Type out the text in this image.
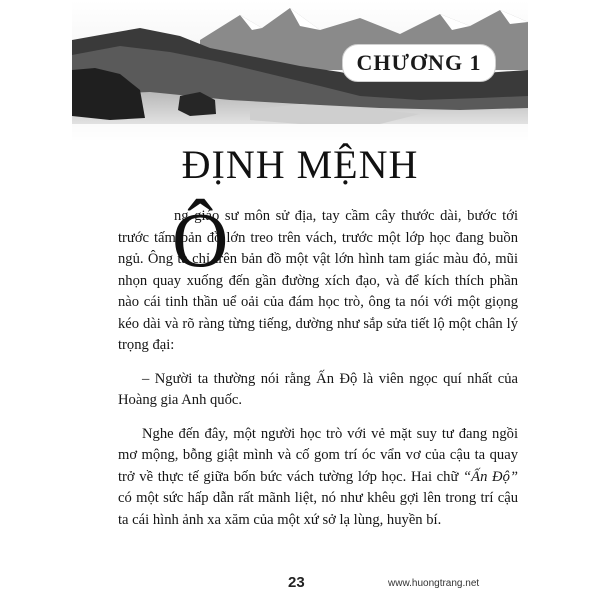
CHƯƠNG 1
ĐỊNH MỆNH

Ô
ng giáo sư môn sử địa, tay cầm cây thước dài, bước tới trước tấm bản đồ lớn treo trên vách, trước một lớp học đang buồn ngủ. Ông ta chỉ trên bản đồ một vật lớn hình tam giác màu đỏ, mũi nhọn quay xuống đến gần đường xích đạo, và để kích thích phần nào cái tinh thần uể oải của đám học trò, ông ta nói với một giọng kéo dài và rõ ràng từng tiếng, dường như sắp sửa tiết lộ một chân lý trọng đại:

– Người ta thường nói rằng Ấn Độ là viên ngọc quí nhất của Hoàng gia Anh quốc.

Nghe đến đây, một người học trò với vẻ mặt suy tư đang ngồi mơ mộng, bỗng giật mình và cố gom trí óc vẩn vơ của cậu ta quay trở về thực tế giữa bốn bức vách tường lớp học. Hai chữ “Ấn Độ” có một sức hấp dẫn rất mãnh liệt, nó như khêu gợi lên trong trí cậu ta cái hình ảnh xa xăm của một xứ sở lạ lùng, huyền bí.

23	www.huongtrang.net
